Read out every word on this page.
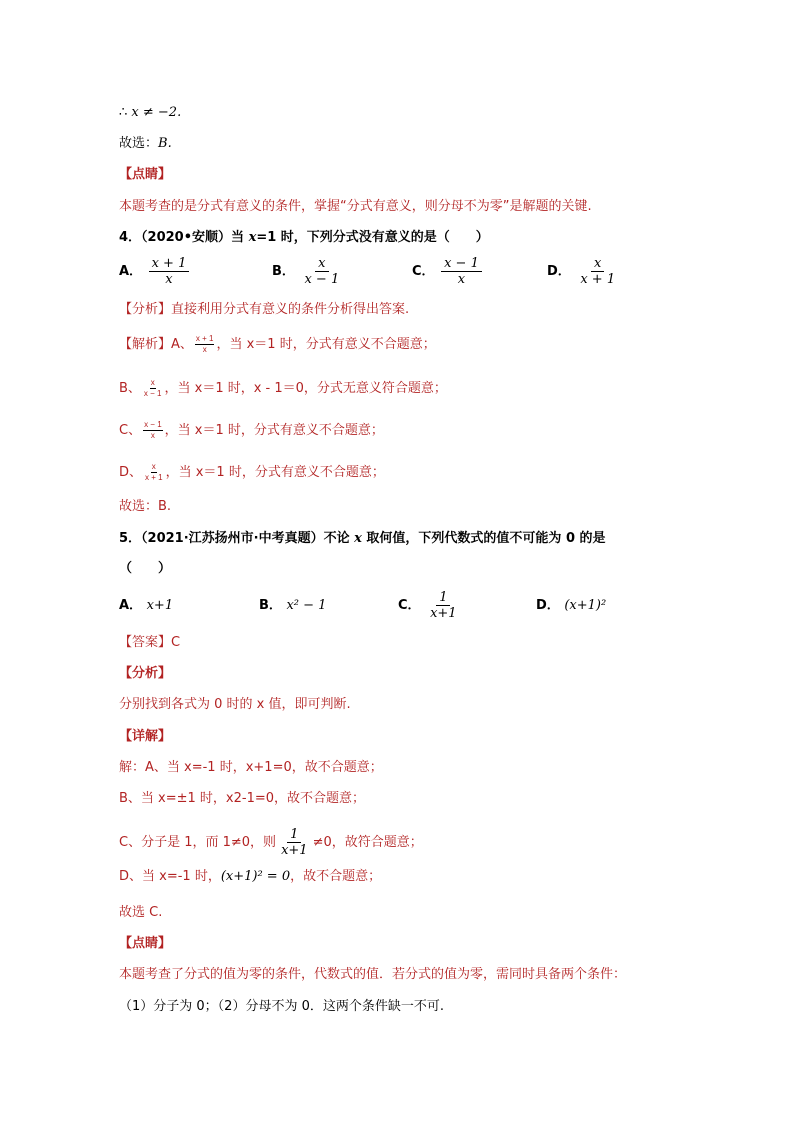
∴ x ≠ −2.
故选：B.
【点睛】
本题考查的是分式有意义的条件，掌握“分式有意义，则分母不为零”是解题的关键.
4．（2020•安顺）当 x=1 时，下列分式没有意义的是（　　）
A． $\frac{x + 1}{x}$	B． $\frac{x}{x - 1}$	C． $\frac{x - 1}{x}$	D． $\frac{x}{x + 1}$
【分析】直接利用分式有意义的条件分析得出答案.
【解析】A、 $\frac{x + 1}{x}$ ，当 x＝1 时，分式有意义不合题意；
B、 $\frac{x}{x - 1}$ ，当 x＝1 时，x - 1＝0，分式无意义符合题意；
C、 $\frac{x - 1}{x}$ ，当 x＝1 时，分式有意义不合题意；
D、 $\frac{x}{x + 1}$ ，当 x＝1 时，分式有意义不合题意；
故选：B.
5．（2021·江苏扬州市·中考真题）不论 x 取何值，下列代数式的值不可能为 0 的是
（　　）
A． x+1	B． x² − 1	C． $\frac{1}{x+1}$	D． (x+1)²
【答案】C
【分析】
分别找到各式为 0 时的 x 值，即可判断.
【详解】
解：A、当 x=-1 时，x+1=0，故不合题意；
B、当 x=±1 时，x2-1=0，故不合题意；
C、分子是 1，而 1≠0，则 $\frac{1}{x+1} \ne 0$，故符合题意；
D、当 x=-1 时，(x+1)² = 0，故不合题意；
故选 C.
【点睛】
本题考查了分式的值为零的条件，代数式的值．若分式的值为零，需同时具备两个条件：
（1）分子为 0；（2）分母不为 0．这两个条件缺一不可.
